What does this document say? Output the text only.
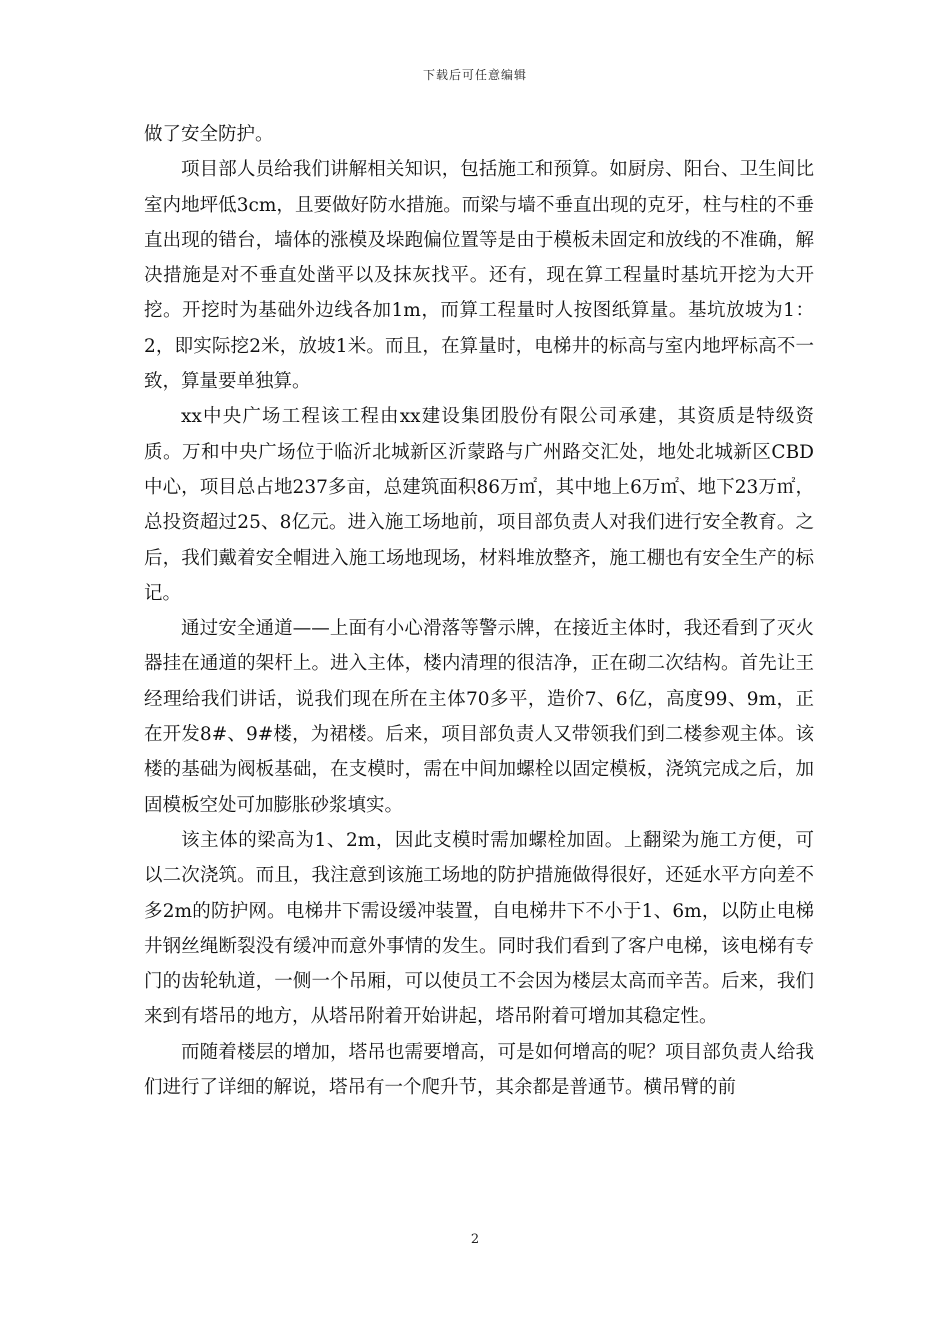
下载后可任意编辑

做了安全防护。

项目部人员给我们讲解相关知识，包括施工和预算。如厨房、阳台、卫生间比室内地坪低3cm，且要做好防水措施。而梁与墙不垂直出现的克牙，柱与柱的不垂直出现的错台，墙体的涨模及垛跑偏位置等是由于模板未固定和放线的不准确，解决措施是对不垂直处凿平以及抹灰找平。还有，现在算工程量时基坑开挖为大开挖。开挖时为基础外边线各加1m，而算工程量时人按图纸算量。基坑放坡为1：2，即实际挖2米，放坡1米。而且，在算量时，电梯井的标高与室内地坪标高不一致，算量要单独算。

xx中央广场工程该工程由xx建设集团股份有限公司承建，其资质是特级资质。万和中央广场位于临沂北城新区沂蒙路与广州路交汇处，地处北城新区CBD中心，项目总占地237多亩，总建筑面积86万㎡，其中地上6万㎡、地下23万㎡，总投资超过25、8亿元。进入施工场地前，项目部负责人对我们进行安全教育。之后，我们戴着安全帽进入施工场地现场，材料堆放整齐，施工棚也有安全生产的标记。

通过安全通道——上面有小心滑落等警示牌，在接近主体时，我还看到了灭火器挂在通道的架杆上。进入主体，楼内清理的很洁净，正在砌二次结构。首先让王经理给我们讲话，说我们现在所在主体70多平，造价7、6亿，高度99、9m，正在开发8#、9#楼，为裙楼。后来，项目部负责人又带领我们到二楼参观主体。该楼的基础为阀板基础，在支模时，需在中间加螺栓以固定模板，浇筑完成之后，加固模板空处可加膨胀砂浆填实。

该主体的梁高为1、2m，因此支模时需加螺栓加固。上翻梁为施工方便，可以二次浇筑。而且，我注意到该施工场地的防护措施做得很好，还延水平方向差不多2m的防护网。电梯井下需设缓冲装置，自电梯井下不小于1、6m，以防止电梯井钢丝绳断裂没有缓冲而意外事情的发生。同时我们看到了客户电梯，该电梯有专门的齿轮轨道，一侧一个吊厢，可以使员工不会因为楼层太高而辛苦。后来，我们来到有塔吊的地方，从塔吊附着开始讲起，塔吊附着可增加其稳定性。

而随着楼层的增加，塔吊也需要增高，可是如何增高的呢？项目部负责人给我们进行了详细的解说，塔吊有一个爬升节，其余都是普通节。横吊臂的前

2
